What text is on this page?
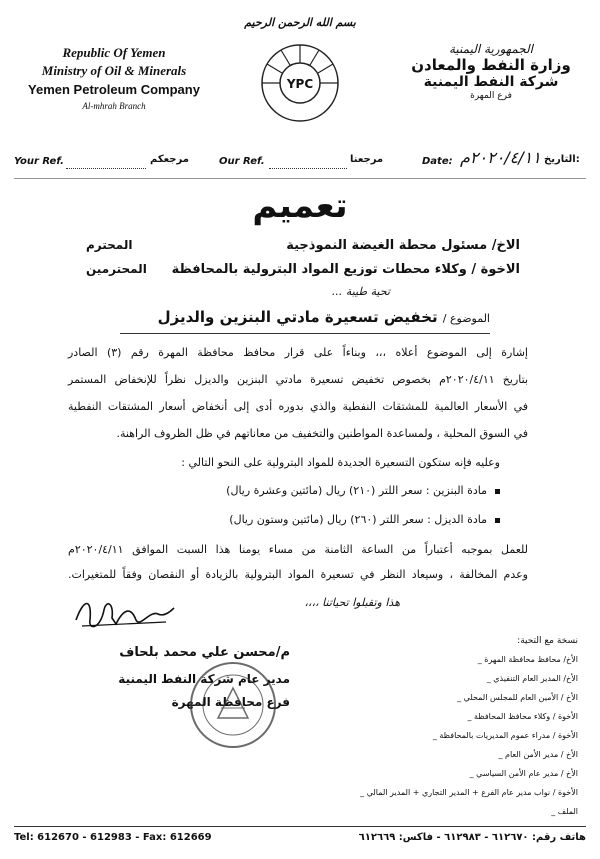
بسم الله الرحمن الرحيم
Republic Of Yemen
Ministry of Oil & Minerals
Yemen Petroleum Company
Al-mhrah Branch
YPC
الجمهورية اليمنية
وزارة النفط والمعادن
شركة النفط اليمنية
فرع المهرة
Your Ref.	مرجعكم	Our Ref.	مرجعنا	Date: ٢٠٢٠/٤/١١م التاريخ:
تعميم
الاخ/ مسئول محطة الغيضة النموذجية
المحترم
الاخوة / وكلاء محطات توزيع المواد البترولية بالمحافظة
المحترمين
تحية طيبة ...
الموضوع / تخفيض تسعيرة مادتي البنزين والديزل
إشارة إلى الموضوع أعلاه ،،، وبناءاً على قرار محافظ محافظة المهرة رقم (٣) الصادر
بتاريخ ٢٠٢٠/٤/١١م بخصوص تخفيض تسعيرة مادتي البنزين والديزل نظراً للإنخفاض المستمر
في الأسعار العالمية للمشتقات النفطية والذي بدوره أدى إلى أنخفاض أسعار المشتقات النفطية
في السوق المحلية ، ولمساعدة المواطنين والتخفيف من معاناتهم في ظل الظروف الراهنة.
وعليه فإنه ستكون التسعيرة الجديدة للمواد البترولية على النحو التالي :
مادة البنزين : سعر اللتر (٢١٠) ريال (مائتين وعشرة ريال)
مادة الديزل : سعر اللتر (٢٦٠) ريال (مائتين وستون ريال)
للعمل بموجبه أعتباراً من الساعة الثامنة من مساء يومنا هذا السبت الموافق ٢٠٢٠/٤/١١م
وعدم المخالفة ، وسيعاد النظر في تسعيرة المواد البترولية بالزيادة أو النقصان وفقاً للمتغيرات.
هذا وتقبلوا تحياتنا ،،،،
م/محسن علي محمد بلحاف
مدير عام شركة النفط اليمنية
فرع محافظة المهرة
نسخة مع التحية:
الأخ/ محافظ محافظة المهرة _
الأخ/ المدير العام التنفيذي _
الأخ / الأمين العام للمجلس المحلي _
الأخوة / وكلاء محافظ المحافظة _
الأخوة / مدراء عموم المديريات بالمحافظة _
الأخ / مدير الأمن العام _
الأخ / مدير عام الأمن السياسي _
الأخوة / نواب مدير عام الفرع + المدير التجاري + المدير المالي _
الملف _
Tel: 612670 - 612983 - Fax: 612669	هاتف رقم: ٦١٢٦٧٠ - ٦١٢٩٨٣ - فاكس: ٦١٢٦٦٩
